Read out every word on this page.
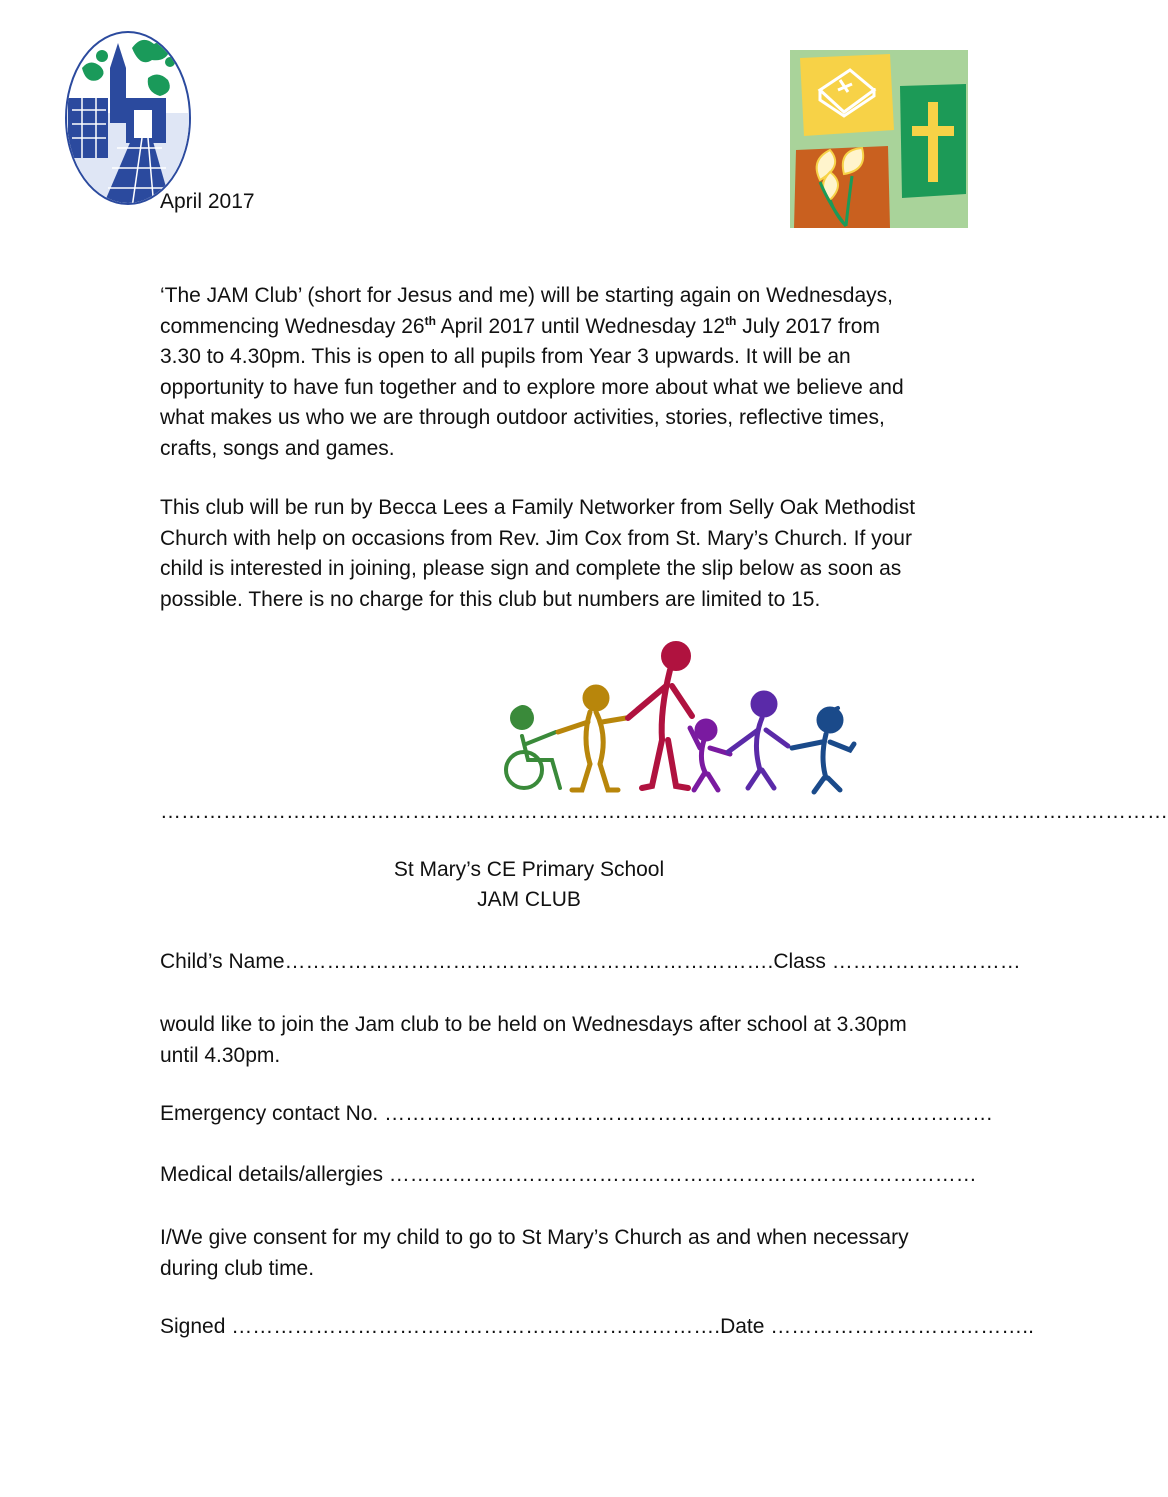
April 2017

‘The JAM Club’ (short for Jesus and me) will be starting again on Wednesdays, commencing Wednesday 26th April 2017 until Wednesday 12th July 2017 from 3.30 to 4.30pm. This is open to all pupils from Year 3 upwards. It will be an opportunity to have fun together and to explore more about what we believe and what makes us who we are through outdoor activities, stories, reflective times, crafts, songs and games.

This club will be run by Becca Lees a Family Networker from Selly Oak Methodist Church with help on occasions from Rev. Jim Cox from St. Mary’s Church. If your child is interested in joining, please sign and complete the slip below as soon as possible. There is no charge for this club but numbers are limited to 15.

………………………………………………………………………………………………………………………………
St Mary’s CE Primary School
JAM CLUB
Child’s Name…………………………………………………………….Class ………………………

would like to join the Jam club to be held on Wednesdays after school at 3.30pm until 4.30pm.

Emergency contact No. ……………………………………………………………………………
Medical details/allergies …………………………………………………………………………

I/We give consent for my child to go to St Mary’s Church as and when necessary during club time.

Signed …………………………………………………………….Date ………………………………..
